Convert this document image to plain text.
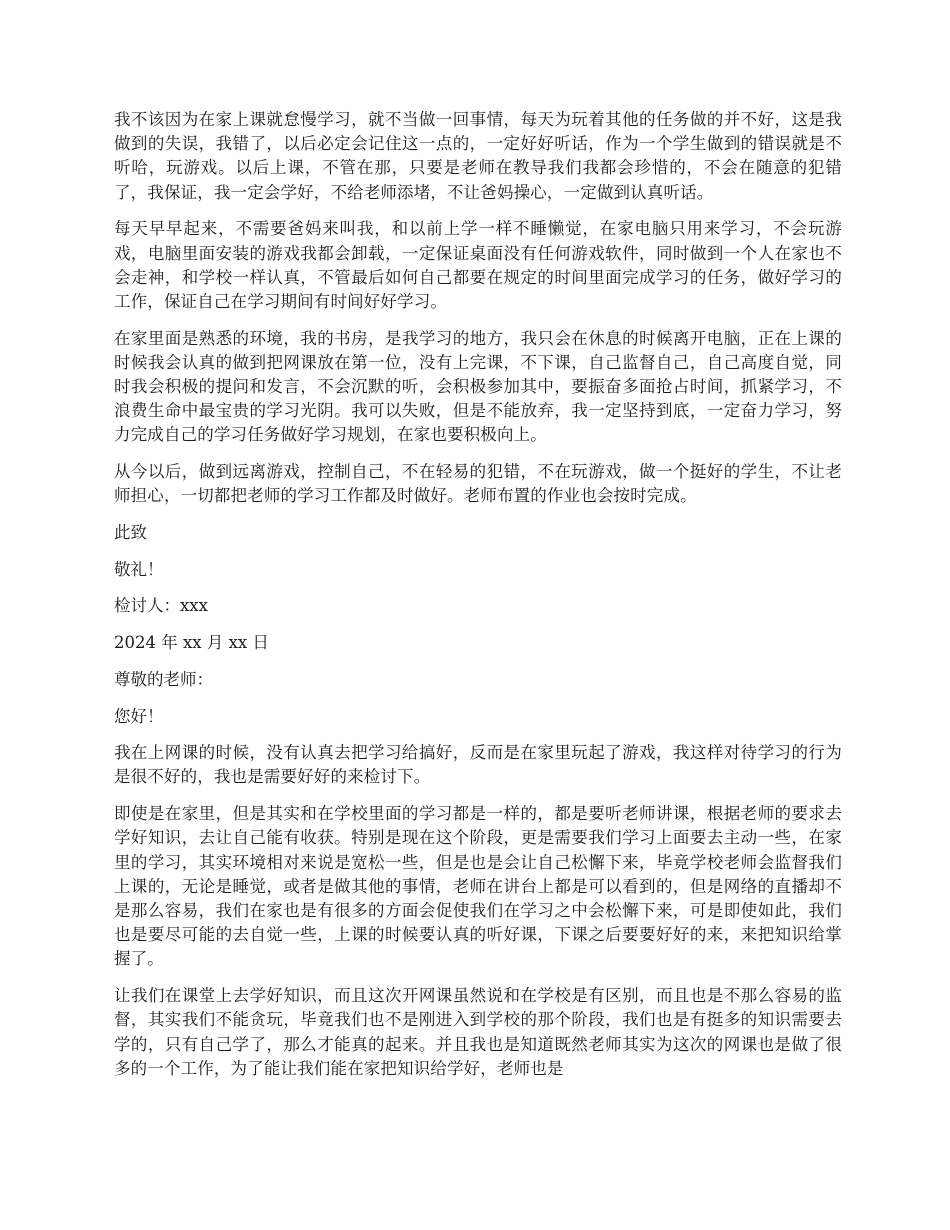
我不该因为在家上课就怠慢学习，就不当做一回事情，每天为玩着其他的任务做的并不好，这是我做到的失误，我错了，以后必定会记住这一点的，一定好好听话，作为一个学生做到的错误就是不听哈，玩游戏。以后上课，不管在那，只要是老师在教导我们我都会珍惜的，不会在随意的犯错了，我保证，我一定会学好，不给老师添堵，不让爸妈操心，一定做到认真听话。

每天早早起来，不需要爸妈来叫我，和以前上学一样不睡懒觉，在家电脑只用来学习，不会玩游戏，电脑里面安装的游戏我都会卸载，一定保证桌面没有任何游戏软件，同时做到一个人在家也不会走神，和学校一样认真，不管最后如何自己都要在规定的时间里面完成学习的任务，做好学习的工作，保证自己在学习期间有时间好好学习。

在家里面是熟悉的环境，我的书房，是我学习的地方，我只会在休息的时候离开电脑，正在上课的时候我会认真的做到把网课放在第一位，没有上完课，不下课，自己监督自己，自己高度自觉，同时我会积极的提问和发言，不会沉默的听，会积极参加其中，要振奋多面抢占时间，抓紧学习，不浪费生命中最宝贵的学习光阴。我可以失败，但是不能放弃，我一定坚持到底，一定奋力学习，努力完成自己的学习任务做好学习规划，在家也要积极向上。

从今以后，做到远离游戏，控制自己，不在轻易的犯错，不在玩游戏，做一个挺好的学生，不让老师担心，一切都把老师的学习工作都及时做好。老师布置的作业也会按时完成。

此致

敬礼！

检讨人：xxx

2024 年 xx 月 xx 日

尊敬的老师：

您好！

我在上网课的时候，没有认真去把学习给搞好，反而是在家里玩起了游戏，我这样对待学习的行为是很不好的，我也是需要好好的来检讨下。

即使是在家里，但是其实和在学校里面的学习都是一样的，都是要听老师讲课，根据老师的要求去学好知识，去让自己能有收获。特别是现在这个阶段，更是需要我们学习上面要去主动一些，在家里的学习，其实环境相对来说是宽松一些，但是也是会让自己松懈下来，毕竟学校老师会监督我们上课的，无论是睡觉，或者是做其他的事情，老师在讲台上都是可以看到的，但是网络的直播却不是那么容易，我们在家也是有很多的方面会促使我们在学习之中会松懈下来，可是即使如此，我们也是要尽可能的去自觉一些，上课的时候要认真的听好课，下课之后要要好好的来，来把知识给掌握了。

让我们在课堂上去学好知识，而且这次开网课虽然说和在学校是有区别，而且也是不那么容易的监督，其实我们不能贪玩，毕竟我们也不是刚进入到学校的那个阶段，我们也是有挺多的知识需要去学的，只有自己学了，那么才能真的起来。并且我也是知道既然老师其实为这次的网课也是做了很多的一个工作，为了能让我们能在家把知识给学好，老师也是
